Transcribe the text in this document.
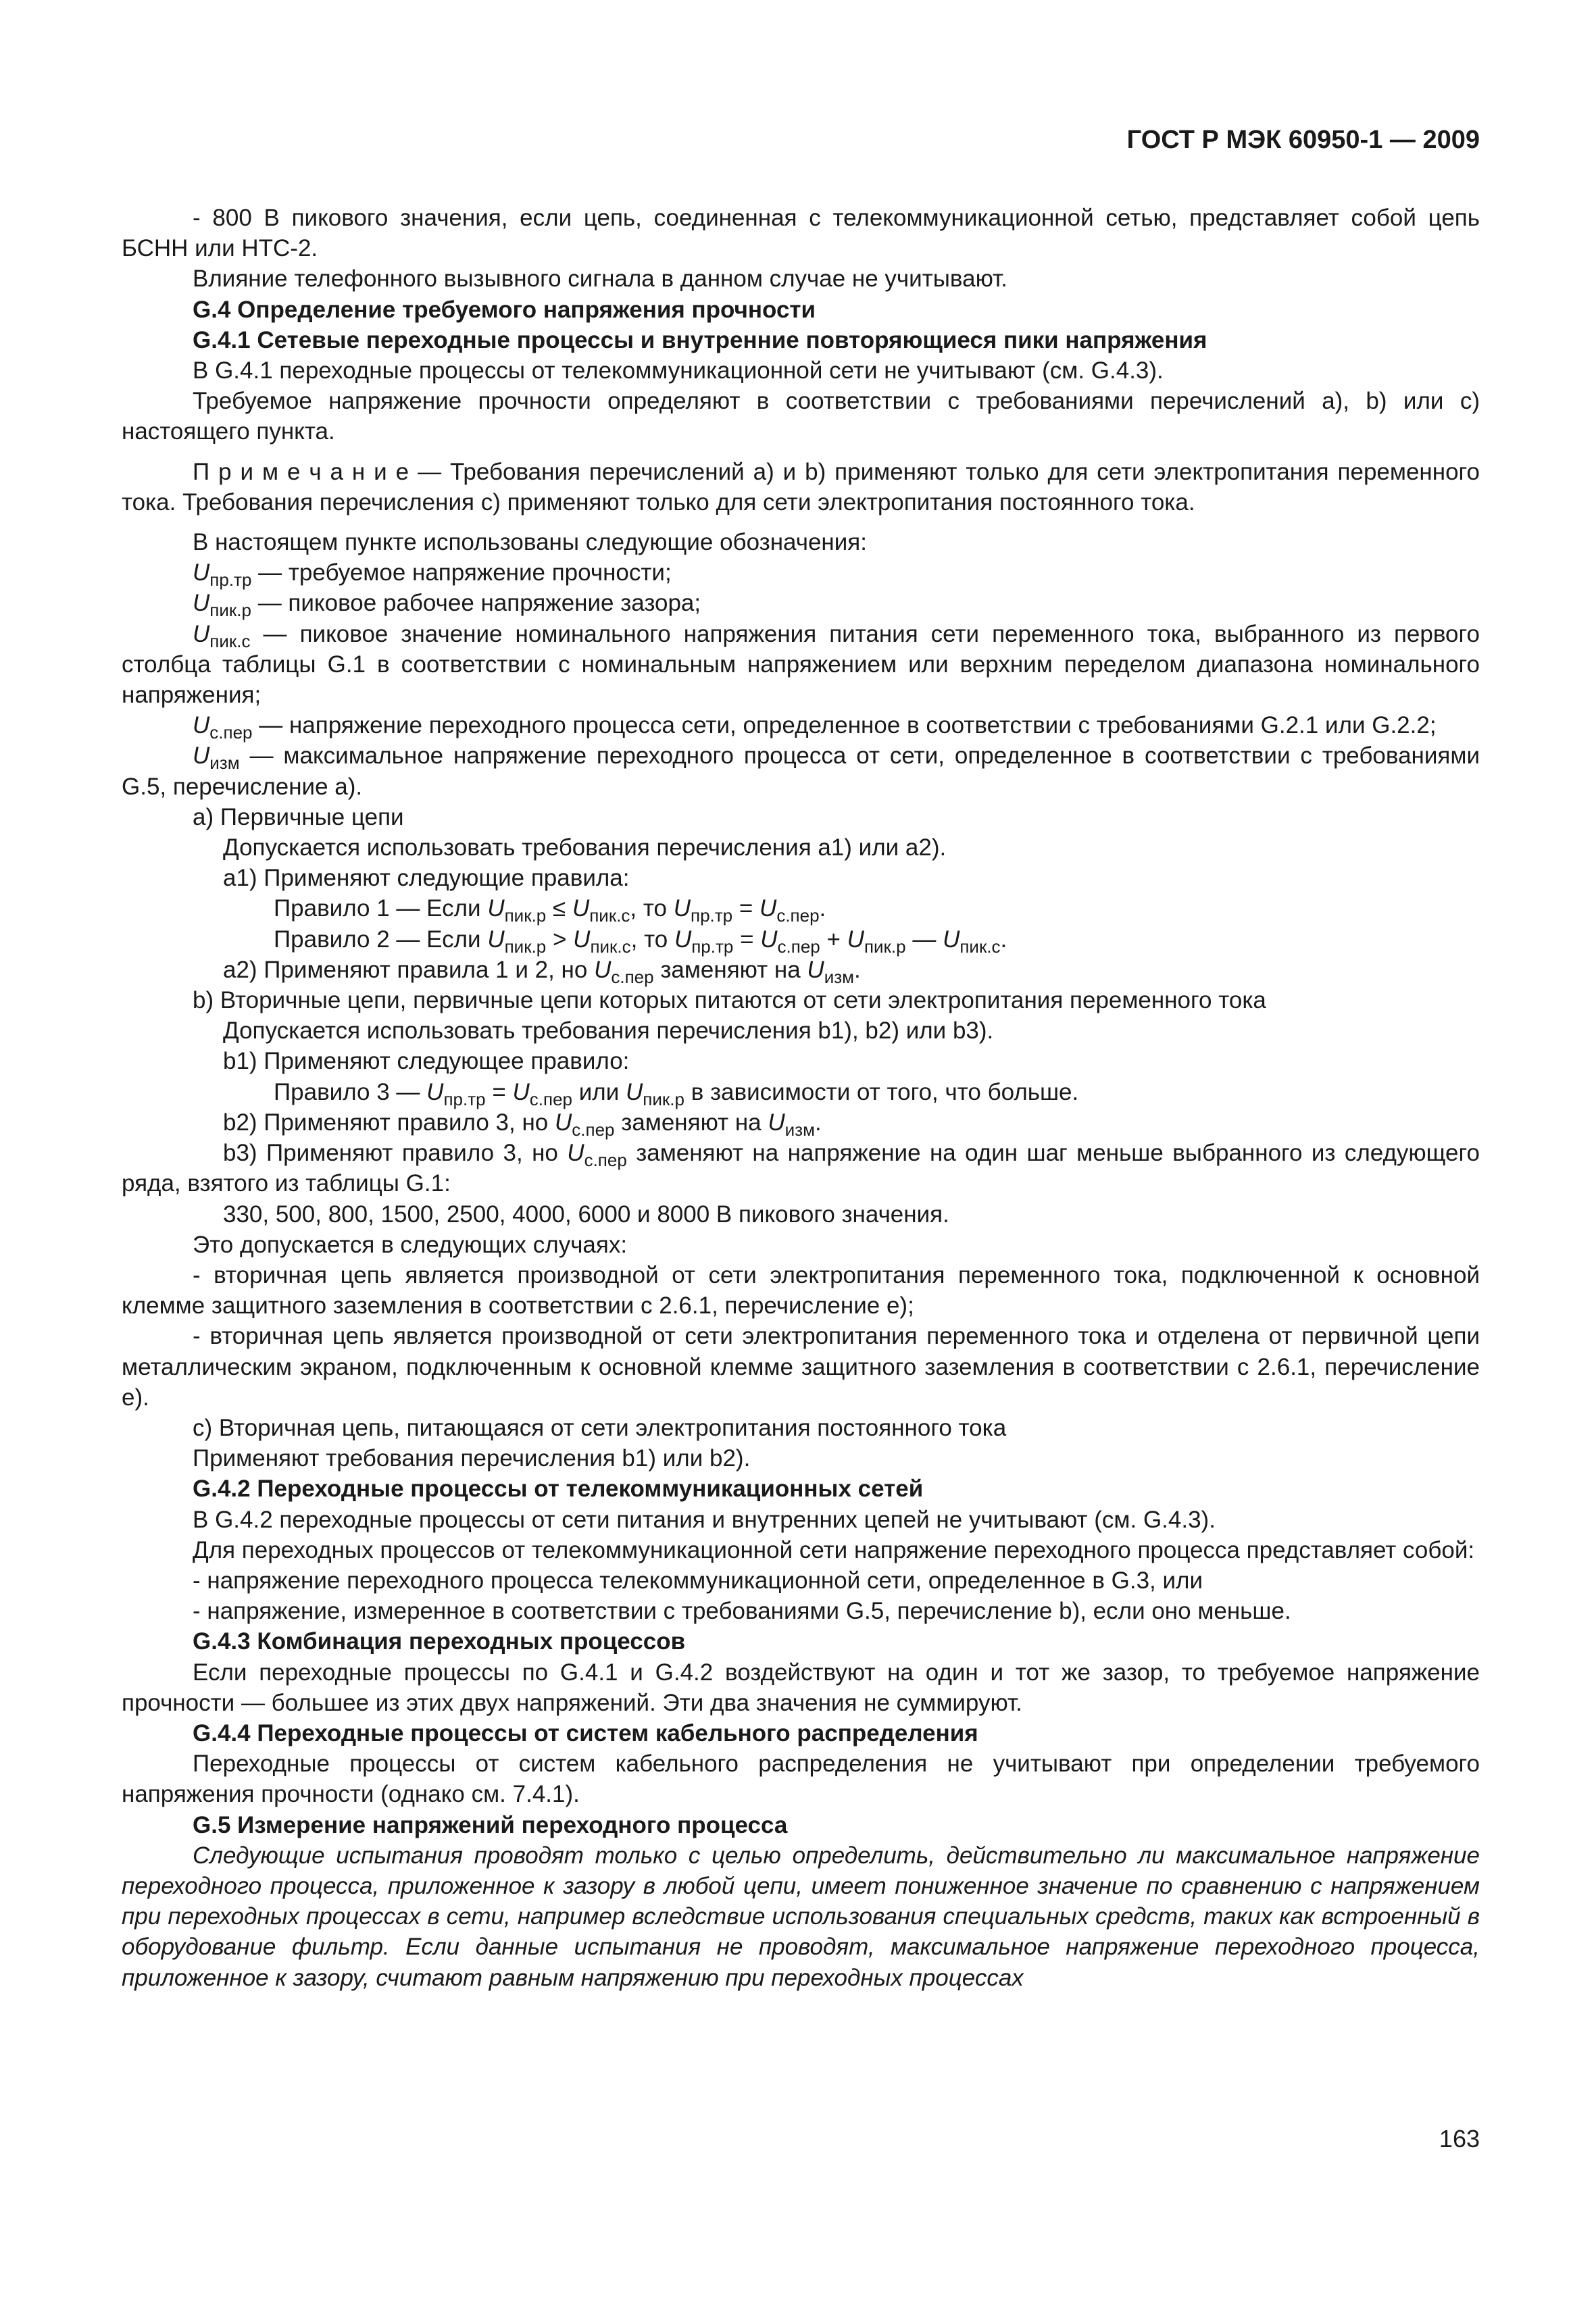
ГОСТ Р МЭК 60950-1 — 2009

- 800 В пикового значения, если цепь, соединенная с телекоммуникационной сетью, представляет собой цепь БСНН или НТС-2.

Влияние телефонного вызывного сигнала в данном случае не учитывают.

G.4 Определение требуемого напряжения прочности

G.4.1 Сетевые переходные процессы и внутренние повторяющиеся пики напряжения

В G.4.1 переходные процессы от телекоммуникационной сети не учитывают (см. G.4.3).

Требуемое напряжение прочности определяют в соответствии с требованиями перечислений а), b) или с) настоящего пункта.

П р и м е ч а н и е — Требования перечислений а) и b) применяют только для сети электропитания переменного тока. Требования перечисления с) применяют только для сети электропитания постоянного тока.

В настоящем пункте использованы следующие обозначения:

$U_{пр.тр}$ — требуемое напряжение прочности;

$U_{пик.р}$ — пиковое рабочее напряжение зазора;

$U_{пик.с}$ — пиковое значение номинального напряжения питания сети переменного тока, выбранного из первого столбца таблицы G.1 в соответствии с номинальным напряжением или верхним переделом диапазона номинального напряжения;

$U_{с.пер}$ — напряжение переходного процесса сети, определенное в соответствии с требованиями G.2.1 или G.2.2;

$U_{изм}$ — максимальное напряжение переходного процесса от сети, определенное в соответствии с требованиями G.5, перечисление а).

а) Первичные цепи

Допускается использовать требования перечисления а1) или а2).

а1) Применяют следующие правила:

Правило 1 — Если $U_{пик.р} \le U_{пик.с}$, то $U_{пр.тр} = U_{с.пер}$.

Правило 2 — Если $U_{пик.р} > U_{пик.с}$, то $U_{пр.тр} = U_{с.пер} + U_{пик.р}$ — $U_{пик.с}$.

а2) Применяют правила 1 и 2, но $U_{с.пер}$ заменяют на $U_{изм}$.

b) Вторичные цепи, первичные цепи которых питаются от сети электропитания переменного тока

Допускается использовать требования перечисления b1), b2) или b3).

b1) Применяют следующее правило:

Правило 3 — $U_{пр.тр} = U_{с.пер}$ или $U_{пик.р}$ в зависимости от того, что больше.

b2) Применяют правило 3, но $U_{с.пер}$ заменяют на $U_{изм}$.

b3) Применяют правило 3, но $U_{с.пер}$ заменяют на напряжение на один шаг меньше выбранного из следующего ряда, взятого из таблицы G.1:

330, 500, 800, 1500, 2500, 4000, 6000 и 8000 В пикового значения.

Это допускается в следующих случаях:

- вторичная цепь является производной от сети электропитания переменного тока, подключенной к основной клемме защитного заземления в соответствии с 2.6.1, перечисление е);

- вторичная цепь является производной от сети электропитания переменного тока и отделена от первичной цепи металлическим экраном, подключенным к основной клемме защитного заземления в соответствии с 2.6.1, перечисление е).

с) Вторичная цепь, питающаяся от сети электропитания постоянного тока

Применяют требования перечисления b1) или b2).

G.4.2 Переходные процессы от телекоммуникационных сетей

В G.4.2 переходные процессы от сети питания и внутренних цепей не учитывают (см. G.4.3).

Для переходных процессов от телекоммуникационной сети напряжение переходного процесса представляет собой:

- напряжение переходного процесса телекоммуникационной сети, определенное в G.3, или

- напряжение, измеренное в соответствии с требованиями G.5, перечисление b), если оно меньше.

G.4.3 Комбинация переходных процессов

Если переходные процессы по G.4.1 и G.4.2 воздействуют на один и тот же зазор, то требуемое напряжение прочности — большее из этих двух напряжений. Эти два значения не суммируют.

G.4.4 Переходные процессы от систем кабельного распределения

Переходные процессы от систем кабельного распределения не учитывают при определении требуемого напряжения прочности (однако см. 7.4.1).

G.5 Измерение напряжений переходного процесса

Следующие испытания проводят только с целью определить, действительно ли максимальное напряжение переходного процесса, приложенное к зазору в любой цепи, имеет пониженное значение по сравнению с напряжением при переходных процессах в сети, например вследствие использования специальных средств, таких как встроенный в оборудование фильтр. Если данные испытания не проводят, максимальное напряжение переходного процесса, приложенное к зазору, считают равным напряжению при переходных процессах

163
